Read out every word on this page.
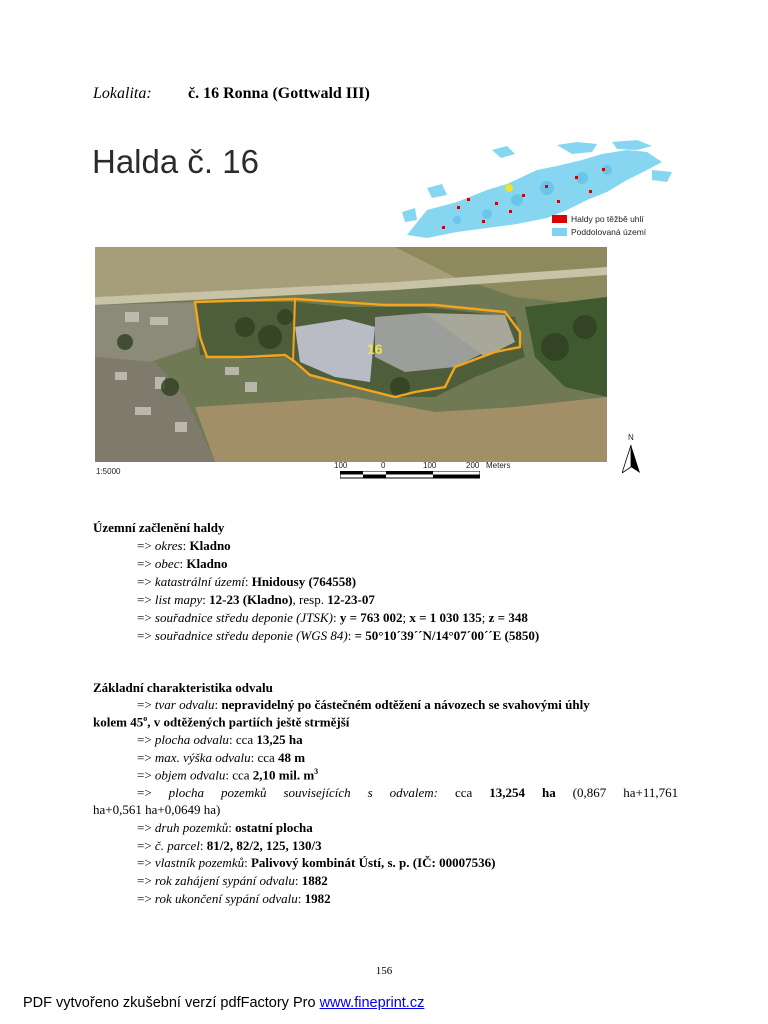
Lokalita: č. 16 Ronna (Gottwald III)
Halda č. 16
Haldy po těžbě uhlí
Poddolovaná území
16
1:5000
100	0	100	200 Meters
N
Územní začlenění haldy
=> okres: Kladno
=> obec: Kladno
=> katastrální území: Hnidousy (764558)
=> list mapy: 12-23 (Kladno), resp. 12-23-07
=> souřadnice středu deponie (JTSK): y = 763 002; x = 1 030 135; z = 348
=> souřadnice středu deponie (WGS 84): = 50°10´39´´N/14°07´00´´E (5850)
Základní charakteristika odvalu
=> tvar odvalu: nepravidelný po částečném odtěžení a návozech se svahovými úhly
kolem 45$^o$, v odtěžených partiích ještě strmější
=> plocha odvalu: cca 13,25 ha
=> max. výška odvalu: cca 48 m
=> objem odvalu: cca 2,10 mil. $m^3$
=> plocha pozemků souvisejících s odvalem: cca 13,254 ha (0,867 ha+11,761
ha+0,561 ha+0,0649 ha)
=> druh pozemků: ostatní plocha
=> č. parcel: 81/2, 82/2, 125, 130/3
=> vlastník pozemků: Palivový kombinát Ústí, s. p. (IČ: 00007536)
=> rok zahájení sypání odvalu: 1882
=> rok ukončení sypání odvalu: 1982
156
PDF vytvořeno zkušební verzí pdfFactory Pro www.fineprint.cz
